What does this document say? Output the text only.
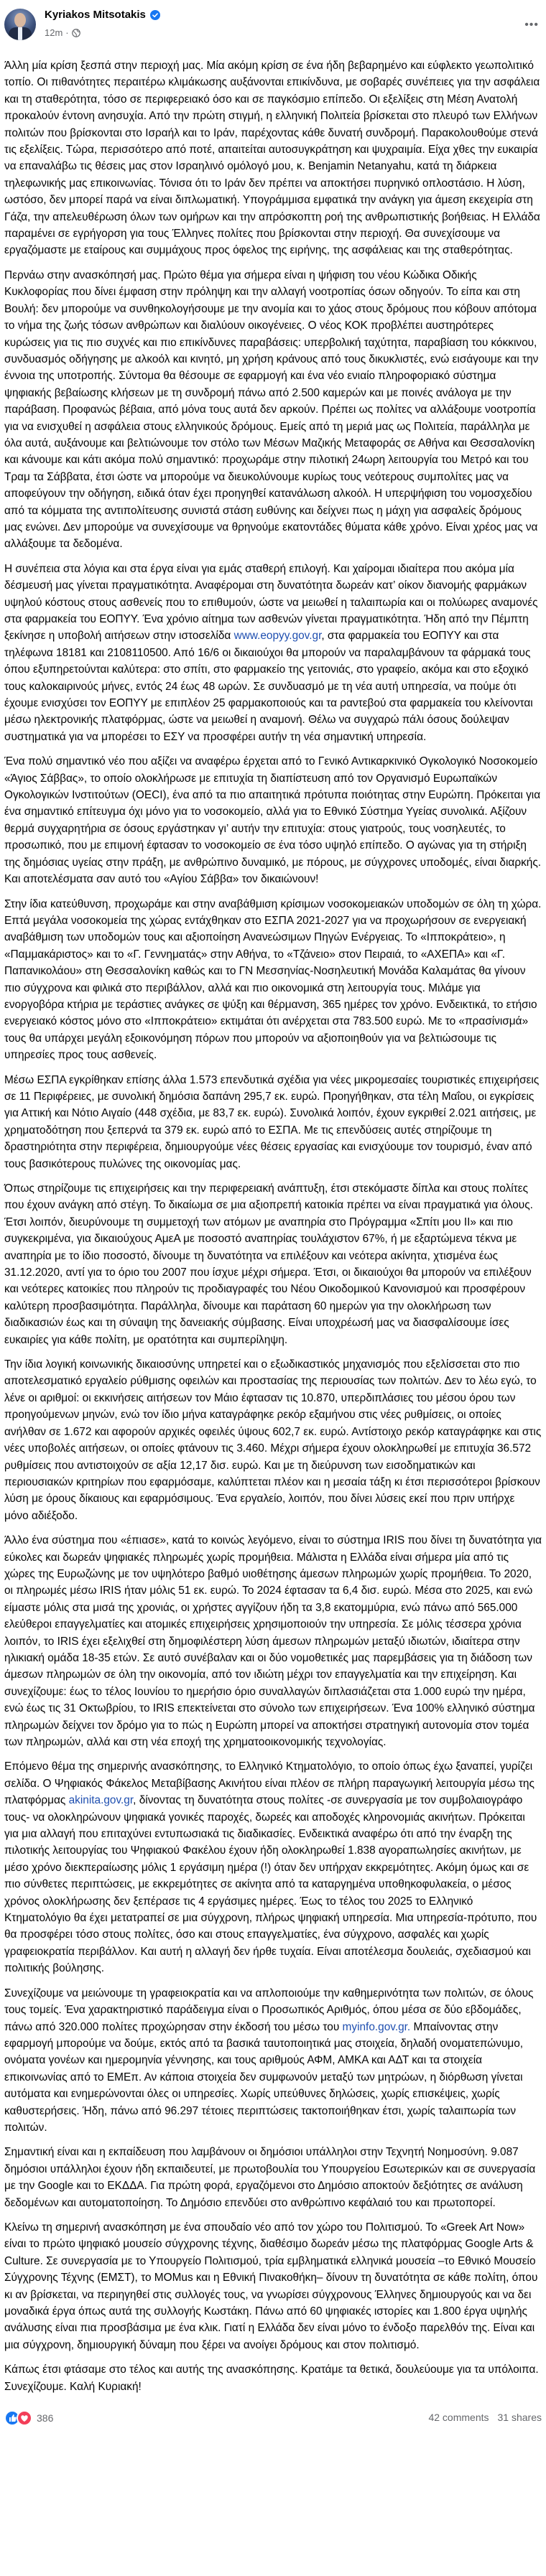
Kyriakos Mitsotakis
12m ·
•••

Άλλη μία κρίση ξεσπά στην περιοχή μας. Μία ακόμη κρίση σε ένα ήδη βεβαρημένο και εύφλεκτο γεωπολιτικό τοπίο. Οι πιθανότητες περαιτέρω κλιμάκωσης αυξάνονται επικίνδυνα, με σοβαρές συνέπειες για την ασφάλεια και τη σταθερότητα, τόσο σε περιφερειακό όσο και σε παγκόσμιο επίπεδο. Οι εξελίξεις στη Μέση Ανατολή προκαλούν έντονη ανησυχία. Από την πρώτη στιγμή, η ελληνική Πολιτεία βρίσκεται στο πλευρό των Ελλήνων πολιτών που βρίσκονται στο Ισραήλ και το Ιράν, παρέχοντας κάθε δυνατή συνδρομή. Παρακολουθούμε στενά τις εξελίξεις. Τώρα, περισσότερο από ποτέ, απαιτείται αυτοσυγκράτηση και ψυχραιμία. Είχα χθες την ευκαιρία να επαναλάβω τις θέσεις μας στον Ισραηλινό ομόλογό μου, κ. Benjamin Netanyahu, κατά τη διάρκεια τηλεφωνικής μας επικοινωνίας. Τόνισα ότι το Ιράν δεν πρέπει να αποκτήσει πυρηνικό οπλοστάσιο. Η λύση, ωστόσο, δεν μπορεί παρά να είναι διπλωματική. Υπογράμμισα εμφατικά την ανάγκη για άμεση εκεχειρία στη Γάζα, την απελευθέρωση όλων των ομήρων και την απρόσκοπτη ροή της ανθρωπιστικής βοήθειας. Η Ελλάδα παραμένει σε εγρήγορση για τους Έλληνες πολίτες που βρίσκονται στην περιοχή. Θα συνεχίσουμε να εργαζόμαστε με εταίρους και συμμάχους προς όφελος της ειρήνης, της ασφάλειας και της σταθερότητας.

Περνάω στην ανασκόπησή μας. Πρώτο θέμα για σήμερα είναι η ψήφιση του νέου Κώδικα Οδικής Κυκλοφορίας που δίνει έμφαση στην πρόληψη και την αλλαγή νοοτροπίας όσων οδηγούν. Το είπα και στη Βουλή: δεν μπορούμε να συνθηκολογήσουμε με την ανομία και το χάος στους δρόμους που κόβουν απότομα το νήμα της ζωής τόσων ανθρώπων και διαλύουν οικογένειες. Ο νέος ΚΟΚ προβλέπει αυστηρότερες κυρώσεις για τις πιο συχνές και πιο επικίνδυνες παραβάσεις: υπερβολική ταχύτητα, παραβίαση του κόκκινου, συνδυασμός οδήγησης με αλκοόλ και κινητό, μη χρήση κράνους από τους δικυκλιστές, ενώ εισάγουμε και την έννοια της υποτροπής. Σύντομα θα θέσουμε σε εφαρμογή και ένα νέο ενιαίο πληροφοριακό σύστημα ψηφιακής βεβαίωσης κλήσεων με τη συνδρομή πάνω από 2.500 καμερών και με ποινές ανάλογα με την παράβαση. Προφανώς βέβαια, από μόνα τους αυτά δεν αρκούν. Πρέπει ως πολίτες να αλλάξουμε νοοτροπία για να ενισχυθεί η ασφάλεια στους ελληνικούς δρόμους. Εμείς από τη μεριά μας ως Πολιτεία, παράλληλα με όλα αυτά, αυξάνουμε και βελτιώνουμε τον στόλο των Μέσων Μαζικής Μεταφοράς σε Αθήνα και Θεσσαλονίκη και κάνουμε και κάτι ακόμα πολύ σημαντικό: προχωράμε στην πιλοτική 24ωρη λειτουργία του Μετρό και του Τραμ τα Σάββατα, έτσι ώστε να μπορούμε να διευκολύνουμε κυρίως τους νεότερους συμπολίτες μας να αποφεύγουν την οδήγηση, ειδικά όταν έχει προηγηθεί κατανάλωση αλκοόλ. Η υπερψήφιση του νομοσχεδίου από τα κόμματα της αντιπολίτευσης συνιστά στάση ευθύνης και δείχνει πως η μάχη για ασφαλείς δρόμους μας ενώνει. Δεν μπορούμε να συνεχίσουμε να θρηνούμε εκατοντάδες θύματα κάθε χρόνο. Είναι χρέος μας να αλλάξουμε τα δεδομένα.

Η συνέπεια στα λόγια και στα έργα είναι για εμάς σταθερή επιλογή. Και χαίρομαι ιδιαίτερα που ακόμα μία δέσμευσή μας γίνεται πραγματικότητα. Αναφέρομαι στη δυνατότητα δωρεάν κατ’ οίκον διανομής φαρμάκων υψηλού κόστους στους ασθενείς που το επιθυμούν, ώστε να μειωθεί η ταλαιπωρία και οι πολύωρες αναμονές στα φαρμακεία του ΕΟΠΥΥ. Ένα χρόνιο αίτημα των ασθενών γίνεται πραγματικότητα. Ήδη από την Πέμπτη ξεκίνησε η υποβολή αιτήσεων στην ιστοσελίδα www.eopyy.gov.gr, στα φαρμακεία του ΕΟΠΥΥ και στα τηλέφωνα 18181 και 2108110500. Από 16/6 οι δικαιούχοι θα μπορούν να παραλαμβάνουν τα φάρμακά τους όπου εξυπηρετούνται καλύτερα: στο σπίτι, στο φαρμακείο της γειτονιάς, στο γραφείο, ακόμα και στο εξοχικό τους καλοκαιρινούς μήνες, εντός 24 έως 48 ωρών. Σε συνδυασμό με τη νέα αυτή υπηρεσία, να πούμε ότι έχουμε ενισχύσει τον ΕΟΠΥΥ με επιπλέον 25 φαρμακοποιούς και τα ραντεβού στα φαρμακεία του κλείνονται μέσω ηλεκτρονικής πλατφόρμας, ώστε να μειωθεί η αναμονή. Θέλω να συγχαρώ πάλι όσους δούλεψαν συστηματικά για να μπορέσει το ΕΣΥ να προσφέρει αυτήν τη νέα σημαντική υπηρεσία.

Ένα πολύ σημαντικό νέο που αξίζει να αναφέρω έρχεται από το Γενικό Αντικαρκινικό Ογκολογικό Νοσοκομείο «Άγιος Σάββας», το οποίο ολοκλήρωσε με επιτυχία τη διαπίστευση από τον Οργανισμό Ευρωπαϊκών Ογκολογικών Ινστιτούτων (OECI), ένα από τα πιο απαιτητικά πρότυπα ποιότητας στην Ευρώπη. Πρόκειται για ένα σημαντικό επίτευγμα όχι μόνο για το νοσοκομείο, αλλά για το Εθνικό Σύστημα Υγείας συνολικά. Αξίζουν θερμά συγχαρητήρια σε όσους εργάστηκαν γι’ αυτήν την επιτυχία: στους γιατρούς, τους νοσηλευτές, το προσωπικό, που με επιμονή έφτασαν το νοσοκομείο σε ένα τόσο υψηλό επίπεδο. Ο αγώνας για τη στήριξη της δημόσιας υγείας στην πράξη, με ανθρώπινο δυναμικό, με πόρους, με σύγχρονες υποδομές, είναι διαρκής. Και αποτελέσματα σαν αυτό του «Αγίου Σάββα» τον δικαιώνουν!

Στην ίδια κατεύθυνση, προχωράμε και στην αναβάθμιση κρίσιμων νοσοκομειακών υποδομών σε όλη τη χώρα. Επτά μεγάλα νοσοκομεία της χώρας εντάχθηκαν στο ΕΣΠΑ 2021-2027 για να προχωρήσουν σε ενεργειακή αναβάθμιση των υποδομών τους και αξιοποίηση Ανανεώσιμων Πηγών Ενέργειας. Το «Ιπποκράτειο», η «Παμμακάριστος» και το «Γ. Γεννηματάς» στην Αθήνα, το «Τζάνειο» στον Πειραιά, το «ΑΧΕΠΑ» και «Γ. Παπανικολάου» στη Θεσσαλονίκη καθώς και το ΓΝ Μεσσηνίας-Νοσηλευτική Μονάδα Καλαμάτας θα γίνουν πιο σύγχρονα και φιλικά στο περιβάλλον, αλλά και πιο οικονομικά στη λειτουργία τους. Μιλάμε για ενοργοβόρα κτήρια με τεράστιες ανάγκες σε ψύξη και θέρμανση, 365 ημέρες τον χρόνο. Ενδεικτικά, το ετήσιο ενεργειακό κόστος μόνο στο «Ιπποκράτειο» εκτιμάται ότι ανέρχεται στα 783.500 ευρώ. Με το «πρασίνισμά» τους θα υπάρχει μεγάλη εξοικονόμηση πόρων που μπορούν να αξιοποιηθούν για να βελτιώσουμε τις υπηρεσίες προς τους ασθενείς.

Μέσω ΕΣΠΑ εγκρίθηκαν επίσης άλλα 1.573 επενδυτικά σχέδια για νέες μικρομεσαίες τουριστικές επιχειρήσεις σε 11 Περιφέρειες, με συνολική δημόσια δαπάνη 295,7 εκ. ευρώ. Προηγήθηκαν, στα τέλη Μαΐου, οι εγκρίσεις για Αττική και Νότιο Αιγαίο (448 σχέδια, με 83,7 εκ. ευρώ). Συνολικά λοιπόν, έχουν εγκριθεί 2.021 αιτήσεις, με χρηματοδότηση που ξεπερνά τα 379 εκ. ευρώ από το ΕΣΠΑ. Με τις επενδύσεις αυτές στηρίζουμε τη δραστηριότητα στην περιφέρεια, δημιουργούμε νέες θέσεις εργασίας και ενισχύουμε τον τουρισμό, έναν από τους βασικότερους πυλώνες της οικονομίας μας.

Όπως στηρίζουμε τις επιχειρήσεις και την περιφερειακή ανάπτυξη, έτσι στεκόμαστε δίπλα και στους πολίτες που έχουν ανάγκη από στέγη. Το δικαίωμα σε μια αξιοπρεπή κατοικία πρέπει να είναι πραγματικά για όλους. Έτσι λοιπόν, διευρύνουμε τη συμμετοχή των ατόμων με αναπηρία στο Πρόγραμμα «Σπίτι μου ΙΙ» και πιο συγκεκριμένα, για δικαιούχους ΑμεΑ με ποσοστό αναπηρίας τουλάχιστον 67%, ή με εξαρτώμενα τέκνα με αναπηρία με το ίδιο ποσοστό, δίνουμε τη δυνατότητα να επιλέξουν και νεότερα ακίνητα, χτισμένα έως 31.12.2020, αντί για το όριο του 2007 που ίσχυε μέχρι σήμερα. Έτσι, οι δικαιούχοι θα μπορούν να επιλέξουν και νεότερες κατοικίες που πληρούν τις προδιαγραφές του Νέου Οικοδομικού Κανονισμού και προσφέρουν καλύτερη προσβασιμότητα. Παράλληλα, δίνουμε και παράταση 60 ημερών για την ολοκλήρωση των διαδικασιών έως και τη σύναψη της δανειακής σύμβασης. Είναι υποχρέωσή μας να διασφαλίσουμε ίσες ευκαιρίες για κάθε πολίτη, με ορατότητα και συμπερίληψη.

Την ίδια λογική κοινωνικής δικαιοσύνης υπηρετεί και ο εξωδικαστικός μηχανισμός που εξελίσσεται στο πιο αποτελεσματικό εργαλείο ρύθμισης οφειλών και προστασίας της περιουσίας των πολιτών. Δεν το λέω εγώ, το λένε οι αριθμοί: οι εκκινήσεις αιτήσεων τον Μάιο έφτασαν τις 10.870, υπερδιπλάσιες του μέσου όρου των προηγούμενων μηνών, ενώ τον ίδιο μήνα καταγράφηκε ρεκόρ εξαμήνου στις νέες ρυθμίσεις, οι οποίες ανήλθαν σε 1.672 και αφορούν αρχικές οφειλές ύψους 602,7 εκ. ευρώ. Αντίστοιχο ρεκόρ καταγράφηκε και στις νέες υποβολές αιτήσεων, οι οποίες φτάνουν τις 3.460. Μέχρι σήμερα έχουν ολοκληρωθεί με επιτυχία 36.572 ρυθμίσεις που αντιστοιχούν σε αξία 12,17 δισ. ευρώ. Και με τη διεύρυνση των εισοδηματικών και περιουσιακών κριτηρίων που εφαρμόσαμε, καλύπτεται πλέον και η μεσαία τάξη κι έτσι περισσότεροι βρίσκουν λύση με όρους δίκαιους και εφαρμόσιμους. Ένα εργαλείο, λοιπόν, που δίνει λύσεις εκεί που πριν υπήρχε μόνο αδιέξοδο.

Άλλο ένα σύστημα που «έπιασε», κατά το κοινώς λεγόμενο, είναι το σύστημα IRIS που δίνει τη δυνατότητα για εύκολες και δωρεάν ψηφιακές πληρωμές χωρίς προμήθεια. Μάλιστα η Ελλάδα είναι σήμερα μία από τις χώρες της Ευρωζώνης με τον υψηλότερο βαθμό υιοθέτησης άμεσων πληρωμών χωρίς προμήθεια. Το 2020, οι πληρωμές μέσω IRIS ήταν μόλις 51 εκ. ευρώ. Το 2024 έφτασαν τα 6,4 δισ. ευρώ. Μέσα στο 2025, και ενώ είμαστε μόλις στα μισά της χρονιάς, οι χρήστες αγγίζουν ήδη τα 3,8 εκατομμύρια, ενώ πάνω από 565.000 ελεύθεροι επαγγελματίες και ατομικές επιχειρήσεις χρησιμοποιούν την υπηρεσία. Σε μόλις τέσσερα χρόνια λοιπόν, το IRIS έχει εξελιχθεί στη δημοφιλέστερη λύση άμεσων πληρωμών μεταξύ ιδιωτών, ιδιαίτερα στην ηλικιακή ομάδα 18-35 ετών. Σε αυτό συνέβαλαν και οι δύο νομοθετικές μας παρεμβάσεις για τη διάδοση των άμεσων πληρωμών σε όλη την οικονομία, από τον ιδιώτη μέχρι τον επαγγελματία και την επιχείρηση. Και συνεχίζουμε: έως το τέλος Ιουνίου το ημερήσιο όριο συναλλαγών διπλασιάζεται στα 1.000 ευρώ την ημέρα, ενώ έως τις 31 Οκτωβρίου, το IRIS επεκτείνεται στο σύνολο των επιχειρήσεων. Ένα 100% ελληνικό σύστημα πληρωμών δείχνει τον δρόμο για το πώς η Ευρώπη μπορεί να αποκτήσει στρατηγική αυτονομία στον τομέα των πληρωμών, αλλά και στη νέα εποχή της χρηματοοικονομικής τεχνολογίας.

Επόμενο θέμα της σημερινής ανασκόπησης, το Ελληνικό Κτηματολόγιο, το οποίο όπως έχω ξαναπεί, γυρίζει σελίδα. Ο Ψηφιακός Φάκελος Μεταβίβασης Ακινήτου είναι πλέον σε πλήρη παραγωγική λειτουργία μέσω της πλατφόρμας akinita.gov.gr, δίνοντας τη δυνατότητα στους πολίτες -σε συνεργασία με τον συμβολαιογράφο τους- να ολοκληρώνουν ψηφιακά γονικές παροχές, δωρεές και αποδοχές κληρονομιάς ακινήτων. Πρόκειται για μια αλλαγή που επιταχύνει εντυπωσιακά τις διαδικασίες. Ενδεικτικά αναφέρω ότι από την έναρξη της πιλοτικής λειτουργίας του Ψηφιακού Φακέλου έχουν ήδη ολοκληρωθεί 1.838 αγοραπωλησίες ακινήτων, με μέσο χρόνο διεκπεραίωσης μόλις 1 εργάσιμη ημέρα (!) όταν δεν υπήρχαν εκκρεμότητες. Ακόμη όμως και σε πιο σύνθετες περιπτώσεις, με εκκρεμότητες σε ακίνητα από τα καταργημένα υποθηκοφυλακεία, ο μέσος χρόνος ολοκλήρωσης δεν ξεπέρασε τις 4 εργάσιμες ημέρες. Έως το τέλος του 2025 το Ελληνικό Κτηματολόγιο θα έχει μετατραπεί σε μια σύγχρονη, πλήρως ψηφιακή υπηρεσία. Μια υπηρεσία-πρότυπο, που θα προσφέρει τόσο στους πολίτες, όσο και στους επαγγελματίες, ένα σύγχρονο, ασφαλές και χωρίς γραφειοκρατία περιβάλλον. Και αυτή η αλλαγή δεν ήρθε τυχαία. Είναι αποτέλεσμα δουλειάς, σχεδιασμού και πολιτικής βούλησης.

Συνεχίζουμε να μειώνουμε τη γραφειοκρατία και να απλοποιούμε την καθημερινότητα των πολιτών, σε όλους τους τομείς. Ένα χαρακτηριστικό παράδειγμα είναι ο Προσωπικός Αριθμός, όπου μέσα σε δύο εβδομάδες, πάνω από 320.000 πολίτες προχώρησαν στην έκδοσή του μέσω του myinfo.gov.gr. Μπαίνοντας στην εφαρμογή μπορούμε να δούμε, εκτός από τα βασικά ταυτοποιητικά μας στοιχεία, δηλαδή ονοματεπώνυμο, ονόματα γονέων και ημερομηνία γέννησης, και τους αριθμούς ΑΦΜ, ΑΜΚΑ και ΑΔΤ και τα στοιχεία επικοινωνίας από το ΕΜΕπ. Αν κάποια στοιχεία δεν συμφωνούν μεταξύ των μητρώων, η διόρθωση γίνεται αυτόματα και ενημερώνονται όλες οι υπηρεσίες. Χωρίς υπεύθυνες δηλώσεις, χωρίς επισκέψεις, χωρίς καθυστερήσεις. Ήδη, πάνω από 96.297 τέτοιες περιπτώσεις τακτοποιήθηκαν έτσι, χωρίς ταλαιπωρία των πολιτών.

Σημαντική είναι και η εκπαίδευση που λαμβάνουν οι δημόσιοι υπάλληλοι στην Τεχνητή Νοημοσύνη. 9.087 δημόσιοι υπάλληλοι έχουν ήδη εκπαιδευτεί, με πρωτοβουλία του Υπουργείου Εσωτερικών και σε συνεργασία με την Google και το ΕΚΔΔΑ. Για πρώτη φορά, εργαζόμενοι στο Δημόσιο αποκτούν δεξιότητες σε ανάλυση δεδομένων και αυτοματοποίηση. Το Δημόσιο επενδύει στο ανθρώπινο κεφάλαιό του και πρωτοπορεί.

Κλείνω τη σημερινή ανασκόπηση με ένα σπουδαίο νέο από τον χώρο του Πολιτισμού. Το «Greek Art Now» είναι το πρώτο ψηφιακό μουσείο σύγχρονης τέχνης, διαθέσιμο δωρεάν μέσω της πλατφόρμας Google Arts & Culture. Σε συνεργασία με το Υπουργείο Πολιτισμού, τρία εμβληματικά ελληνικά μουσεία –το Εθνικό Μουσείο Σύγχρονης Τέχνης (ΕΜΣΤ), το MOMus και η Εθνική Πινακοθήκη– δίνουν τη δυνατότητα σε κάθε πολίτη, όπου κι αν βρίσκεται, να περιηγηθεί στις συλλογές τους, να γνωρίσει σύγχρονους Έλληνες δημιουργούς και να δει μοναδικά έργα όπως αυτά της συλλογής Κωστάκη. Πάνω από 60 ψηφιακές ιστορίες και 1.800 έργα υψηλής ανάλυσης είναι πια προσβάσιμα με ένα κλικ. Γιατί η Ελλάδα δεν είναι μόνο το ένδοξο παρελθόν της. Είναι και μια σύγχρονη, δημιουργική δύναμη που ξέρει να ανοίγει δρόμους και στον πολιτισμό.

Κάπως έτσι φτάσαμε στο τέλος και αυτής της ανασκόπησης. Κρατάμε τα θετικά, δουλεύουμε για τα υπόλοιπα. Συνεχίζουμε. Καλή Κυριακή!

386	42 comments 31 shares
